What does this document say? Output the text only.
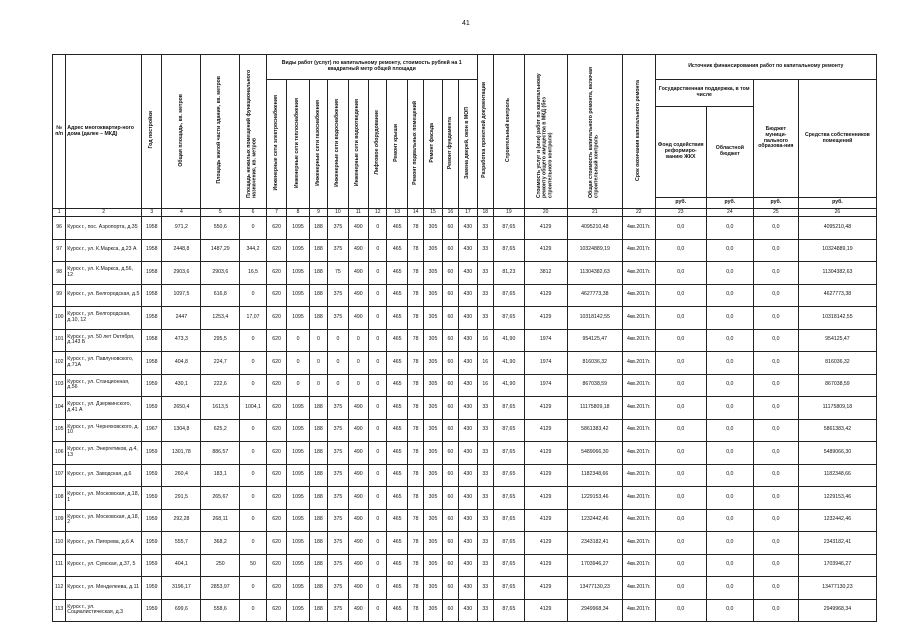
41
№ п/п	Адрес многоквартир-ного дома (далее – МКД)	Год постройки	Общая площадь, кв. метров	Площадь жилой части здания, кв. метров	Площадь нежилых помещений функционального назначения, кв. метров	Виды работ (услуг) по капитальному ремонту, стоимость рублей на 1 квадратный метр общей площади											Разработка проектной документации	Строительный контроль	Стоимость услуг и (или) работ по капитальному ремонту общего имущества в МКД (без строительного контроля)	Общая стоимость капитального ремонта, включая строительный контроль	Срок окончания капитального ремонта	Источник финансирования работ по капитальному ремонту			
						Инженерные сети электроснабжения	Инженерные сети теплоснабжения	Инженерные сети газоснабжения	Инженерные сети водоснабжения	Инженерные сети водоотведения	Лифтовое оборудование	Ремонт крыши	Ремонт подвальных помещений	Ремонт фасада	Ремонт фундамента	Замена дверей, окон в МОП						Государственная поддержка, в том числе		Бюджет муници-пального образова-ния	Средства собственников помещений
																						Фонд содействия реформиро-ванию ЖКХ	Областной бюджет		
																						руб.	руб.	руб.	руб.
1	2	3	4	5	6	7	8	9	10	11	12	13	14	15	16	17	18	19	20	21	22	23	24	25	26
96	Курск г., пос. Аэропорта, д.35	1958	971,2	550,6	0	620	1095	188	375	490	0	465	78	305	60	430	33	87,65	4129	4095210,48	4кв.2017г.	0,0	0,0	0,0	4095210,48
97	Курск г., ул. К.Маркса, д.23 А	1958	2448,8	1487,29	344,2	620	1095	188	375	490	0	465	78	305	60	430	33	87,65	4129	10324889,19	4кв.2017г.	0,0	0,0	0,0	10324889,19
98	Курск г., ул. К.Маркса, д.56, 12	1958	2903,6	2903,6	16,5	620	1095	188	75	490	0	465	78	305	60	430	33	81,23	3812	11304382,63	4кв.2017г.	0,0	0,0	0,0	11304382,63
99	Курск г., ул. Белгородская, д.5	1958	1097,5	616,8	0	620	1095	188	375	490	0	465	78	305	60	430	33	87,65	4129	4627773,38	4кв.2017г.	0,0	0,0	0,0	4627773,38
100	Курск г., ул. Белгородская, д.10, 12	1958	2447	1253,4	17,07	620	1095	188	375	490	0	465	78	305	60	430	33	87,65	4129	10318142,55	4кв.2017г.	0,0	0,0	0,0	10318142,55
101	Курск г., ул. 50 лет Октября, д.143 Б	1958	473,3	295,5	0	620	0	0	0	0	0	465	78	305	60	430	16	41,90	1974	954125,47	4кв.2017г.	0,0	0,0	0,0	954125,47
102	Курск г., ул. Павлуновского, д.71А	1958	404,8	224,7	0	620	0	0	0	0	0	465	78	305	60	430	16	41,90	1974	816036,32	4кв.2017г.	0,0	0,0	0,0	816036,32
103	Курск г., ул. Станционная, д.56	1959	430,1	222,6	0	620	0	0	0	0	0	465	78	305	60	430	16	41,90	1974	867038,59	4кв.2017г.	0,0	0,0	0,0	867038,59
104	Курск г., ул. Дзержинского, д.41 А	1959	2650,4	1613,5	1004,1	620	1095	188	375	490	0	465	78	305	60	430	33	87,65	4129	11175809,18	4кв.2017г.	0,0	0,0	0,0	11175809,18
105	Курск г., ул. Черняховского, д. 10	1967	1304,8	625,2	0	620	1095	188	375	490	0	465	78	305	60	430	33	87,65	4129	5861383,42	4кв.2017г.	0,0	0,0	0,0	5861383,42
106	Курск г., ул. Энергетиков, д.4, 13	1959	1301,78	886,57	0	620	1095	188	375	490	0	465	78	305	60	430	33	87,65	4129	5489066,30	4кв.2017г.	0,0	0,0	0,0	5489066,30
107	Курск г., ул. Заводская, д.6	1959	260,4	183,1	0	620	1095	188	375	490	0	465	78	305	60	430	33	87,65	4129	1182348,66	4кв.2017г.	0,0	0,0	0,0	1182348,66
108	Курск г., ул. Московская, д.18, 1	1959	291,5	265,67	0	620	1095	188	375	490	0	465	78	305	60	430	33	87,65	4129	1229153,46	4кв.2017г.	0,0	0,0	0,0	1229153,46
109	Курск г., ул. Московская, д.18, 2	1959	292,28	268,11	0	620	1095	188	375	490	0	465	78	305	60	430	33	87,65	4129	1232442,46	4кв.2017г.	0,0	0,0	0,0	1232442,46
110	Курск г., ул. Пигорева, д.6 А	1959	555,7	368,2	0	620	1095	188	375	490	0	465	78	305	60	430	33	87,65	4129	2343182,41	4кв.2017г.	0,0	0,0	0,0	2343182,41
111	Курск г., ул. Сумская, д.37, 5	1959	404,1	250	50	620	1095	188	375	490	0	465	78	305	60	430	33	87,65	4129	1703946,27	4кв.2017г.	0,0	0,0	0,0	1703946,27
112	Курск г., ул. Менделеева, д.11	1959	3196,17	2853,97	0	620	1095	188	375	490	0	465	78	305	60	430	33	87,65	4129	13477130,23	4кв.2017г.	0,0	0,0	0,0	13477130,23
113	Курск г., ул. Социалистическая, д.3	1959	699,6	558,6	0	620	1095	188	375	490	0	465	78	305	60	430	33	87,65	4129	2949968,34	4кв.2017г.	0,0	0,0	0,0	2949968,34
